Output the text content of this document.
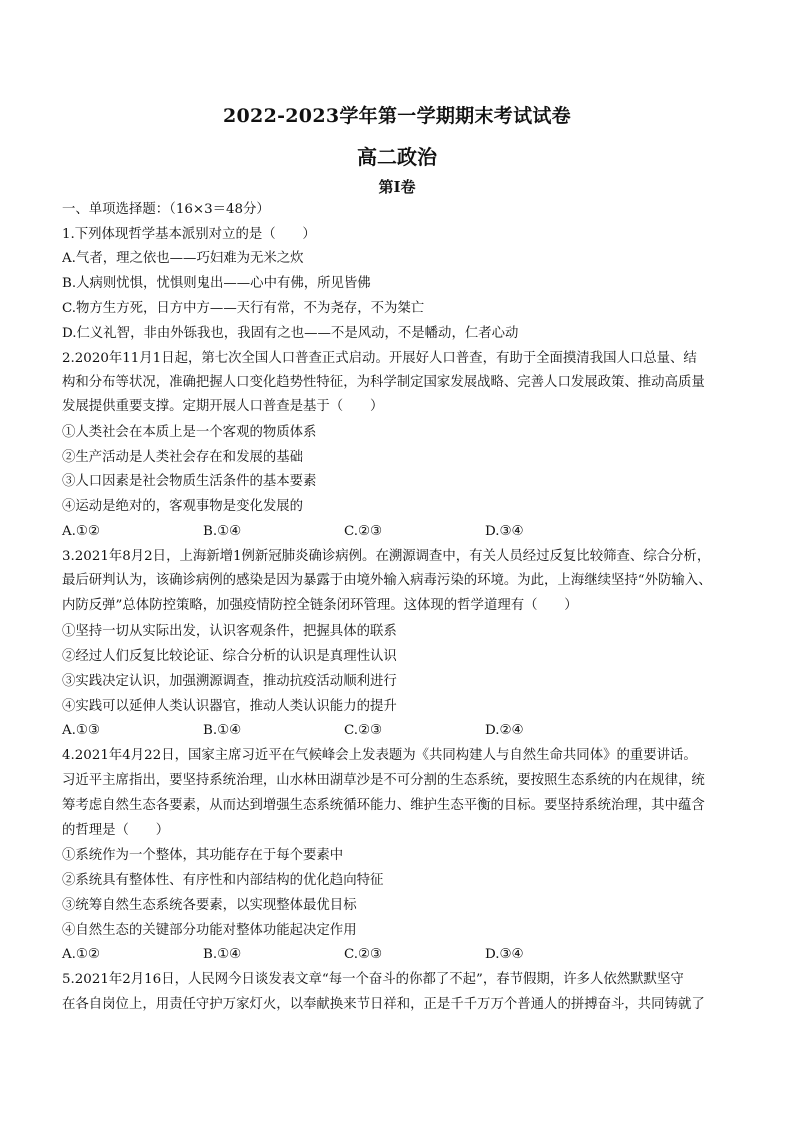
2022-2023学年第一学期期末考试试卷
高二政治
第I卷
一、单项选择题：（16×3＝48分）
1.下列体现哲学基本派别对立的是（　　）
A.气者，理之依也——巧妇难为无米之炊
B.人病则忧惧，忧惧则鬼出——心中有佛，所见皆佛
C.物方生方死，日方中方——天行有常，不为尧存，不为桀亡
D.仁义礼智，非由外铄我也，我固有之也——不是风动，不是幡动，仁者心动
2.2020年11月1日起，第七次全国人口普查正式启动。开展好人口普查，有助于全面摸清我国人口总量、结
构和分布等状况，准确把握人口变化趋势性特征，为科学制定国家发展战略、完善人口发展政策、推动高质量
发展提供重要支撑。定期开展人口普查是基于（　　）
①人类社会在本质上是一个客观的物质体系
②生产活动是人类社会存在和发展的基础
③人口因素是社会物质生活条件的基本要素
④运动是绝对的，客观事物是变化发展的
A.①②	B.①④	C.②③	D.③④
3.2021年8月2日，上海新增1例新冠肺炎确诊病例。在溯源调查中，有关人员经过反复比较筛查、综合分析，
最后研判认为，该确诊病例的感染是因为暴露于由境外输入病毒污染的环境。为此，上海继续坚持“外防输入、
内防反弹”总体防控策略，加强疫情防控全链条闭环管理。这体现的哲学道理有（　　）
①坚持一切从实际出发，认识客观条件，把握具体的联系
②经过人们反复比较论证、综合分析的认识是真理性认识
③实践决定认识，加强溯源调查，推动抗疫活动顺利进行
④实践可以延伸人类认识器官，推动人类认识能力的提升
A.①③	B.①④	C.②③	D.②④
4.2021年4月22日，国家主席习近平在气候峰会上发表题为《共同构建人与自然生命共同体》的重要讲话。
习近平主席指出，要坚持系统治理，山水林田湖草沙是不可分割的生态系统，要按照生态系统的内在规律，统
筹考虑自然生态各要素，从而达到增强生态系统循环能力、维护生态平衡的目标。要坚持系统治理，其中蕴含
的哲理是（　　）
①系统作为一个整体，其功能存在于每个要素中
②系统具有整体性、有序性和内部结构的优化趋向特征
③统筹自然生态系统各要素，以实现整体最优目标
④自然生态的关键部分功能对整体功能起决定作用
A.①②	B.①④	C.②③	D.③④
5.2021年2月16日，人民网今日谈发表文章“每一个奋斗的你都了不起”，春节假期，许多人依然默默坚守
在各自岗位上，用责任守护万家灯火，以奉献换来节日祥和，正是千千万万个普通人的拼搏奋斗，共同铸就了
